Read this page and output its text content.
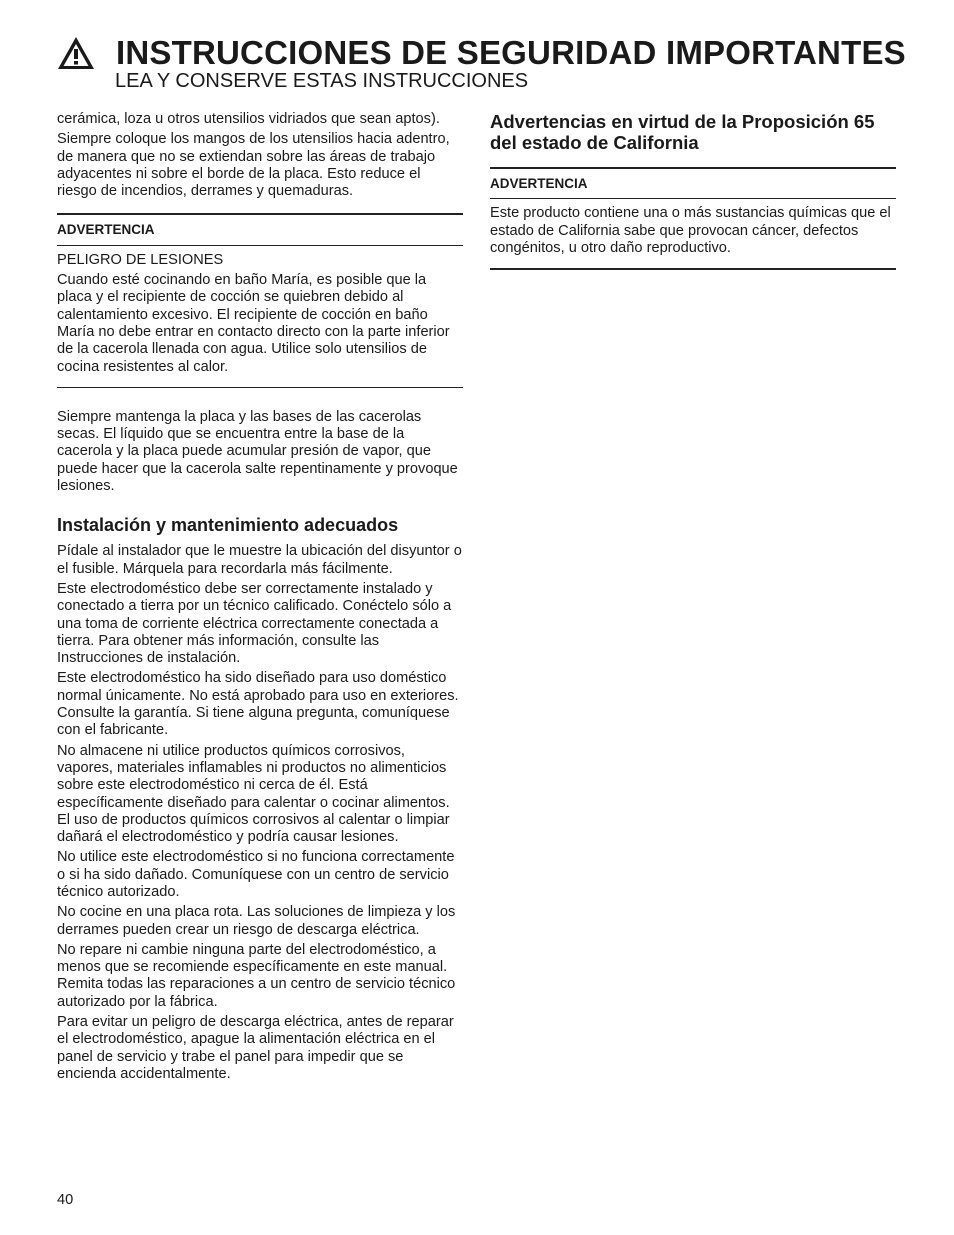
INSTRUCCIONES DE SEGURIDAD IMPORTANTES
LEA Y CONSERVE ESTAS INSTRUCCIONES

cerámica, loza u otros utensilios vidriados que sean aptos).

Siempre coloque los mangos de los utensilios hacia adentro, de manera que no se extiendan sobre las áreas de trabajo adyacentes ni sobre el borde de la placa. Esto reduce el riesgo de incendios, derrames y quemaduras.

ADVERTENCIA

PELIGRO DE LESIONES

Cuando esté cocinando en baño María, es posible que la placa y el recipiente de cocción se quiebren debido al calentamiento excesivo. El recipiente de cocción en baño María no debe entrar en contacto directo con la parte inferior de la cacerola llenada con agua. Utilice solo utensilios de cocina resistentes al calor.

Siempre mantenga la placa y las bases de las cacerolas secas. El líquido que se encuentra entre la base de la cacerola y la placa puede acumular presión de vapor, que puede hacer que la cacerola salte repentinamente y provoque lesiones.

Instalación y mantenimiento adecuados

Pídale al instalador que le muestre la ubicación del disyuntor o el fusible. Márquela para recordarla más fácilmente.

Este electrodoméstico debe ser correctamente instalado y conectado a tierra por un técnico calificado. Conéctelo sólo a una toma de corriente eléctrica correctamente conectada a tierra. Para obtener más información, consulte las Instrucciones de instalación.

Este electrodoméstico ha sido diseñado para uso doméstico normal únicamente. No está aprobado para uso en exteriores. Consulte la garantía. Si tiene alguna pregunta, comuníquese con el fabricante.

No almacene ni utilice productos químicos corrosivos, vapores, materiales inflamables ni productos no alimenticios sobre este electrodoméstico ni cerca de él. Está específicamente diseñado para calentar o cocinar alimentos. El uso de productos químicos corrosivos al calentar o limpiar dañará el electrodoméstico y podría causar lesiones.

No utilice este electrodoméstico si no funciona correctamente o si ha sido dañado. Comuníquese con un centro de servicio técnico autorizado.

No cocine en una placa rota. Las soluciones de limpieza y los derrames pueden crear un riesgo de descarga eléctrica.

No repare ni cambie ninguna parte del electrodoméstico, a menos que se recomiende específicamente en este manual. Remita todas las reparaciones a un centro de servicio técnico autorizado por la fábrica.

Para evitar un peligro de descarga eléctrica, antes de reparar el electrodoméstico, apague la alimentación eléctrica en el panel de servicio y trabe el panel para impedir que se encienda accidentalmente.

Advertencias en virtud de la Proposición 65 del estado de California
ADVERTENCIA

Este producto contiene una o más sustancias químicas que el estado de California sabe que provocan cáncer, defectos congénitos, u otro daño reproductivo.

40
